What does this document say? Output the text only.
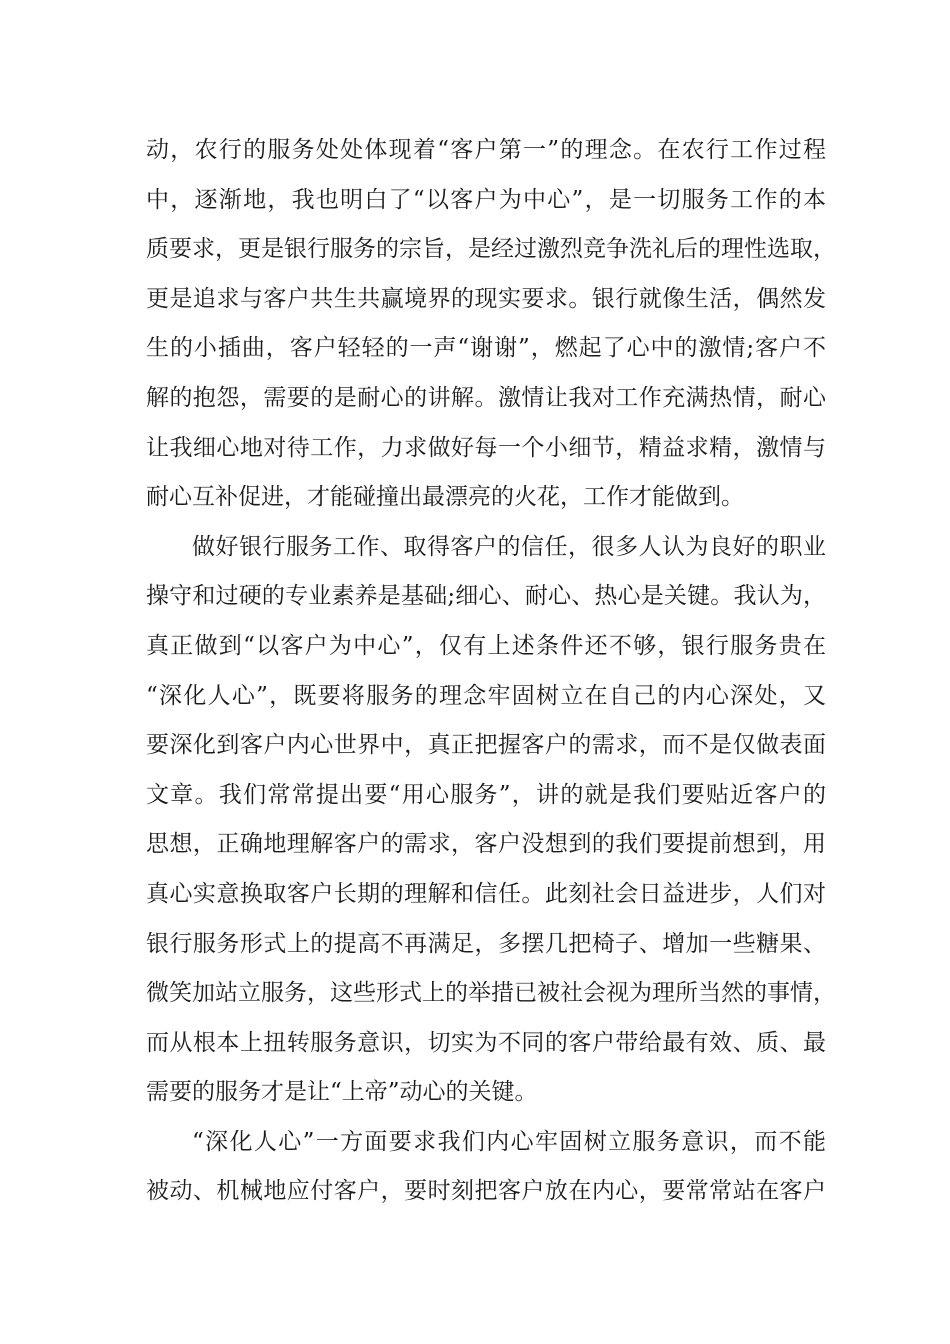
动，农行的服务处处体现着“客户第一”的理念。在农行工作过程
中，逐渐地，我也明白了“以客户为中心”，是一切服务工作的本
质要求，更是银行服务的宗旨，是经过激烈竞争洗礼后的理性选取，
更是追求与客户共生共赢境界的现实要求。银行就像生活，偶然发
生的小插曲，客户轻轻的一声“谢谢”，燃起了心中的激情;客户不
解的抱怨，需要的是耐心的讲解。激情让我对工作充满热情，耐心
让我细心地对待工作，力求做好每一个小细节，精益求精，激情与
耐心互补促进，才能碰撞出最漂亮的火花，工作才能做到。
做好银行服务工作、取得客户的信任，很多人认为良好的职业
操守和过硬的专业素养是基础;细心、耐心、热心是关键。我认为，
真正做到“以客户为中心”，仅有上述条件还不够，银行服务贵在
“深化人心”，既要将服务的理念牢固树立在自己的内心深处，又
要深化到客户内心世界中，真正把握客户的需求，而不是仅做表面
文章。我们常常提出要“用心服务”，讲的就是我们要贴近客户的
思想，正确地理解客户的需求，客户没想到的我们要提前想到，用
真心实意换取客户长期的理解和信任。此刻社会日益进步，人们对
银行服务形式上的提高不再满足，多摆几把椅子、增加一些糖果、
微笑加站立服务，这些形式上的举措已被社会视为理所当然的事情，
而从根本上扭转服务意识，切实为不同的客户带给最有效、质、最
需要的服务才是让“上帝”动心的关键。
“深化人心”一方面要求我们内心牢固树立服务意识，而不能
被动、机械地应付客户，要时刻把客户放在内心，要常常站在客户
